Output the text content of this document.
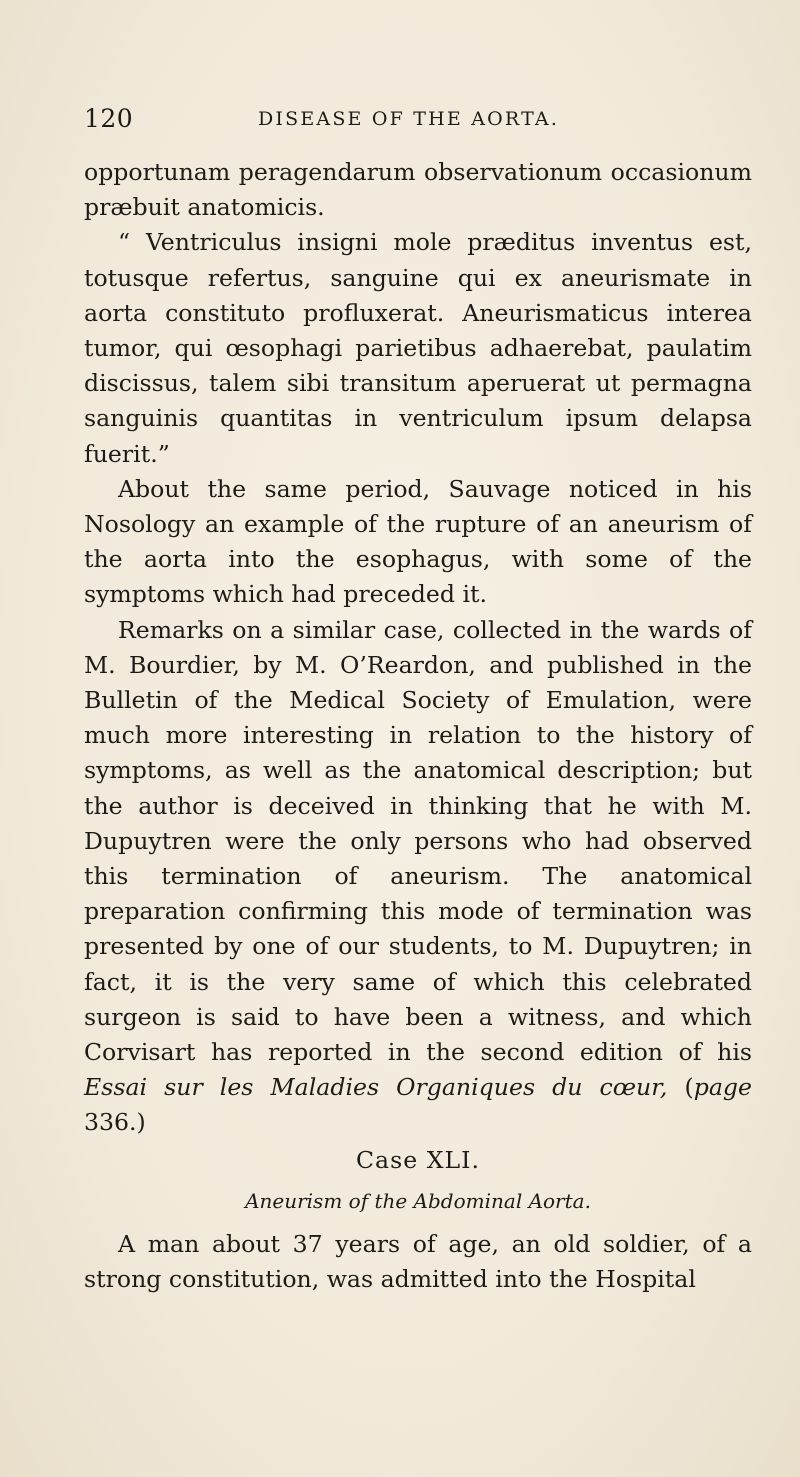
120	DISEASE OF THE AORTA.

opportunam peragendarum observationum occasionum præbuit anatomicis.

“ Ventriculus insigni mole præditus inventus est, totusque refertus, sanguine qui ex aneurismate in aorta constituto profluxerat. Aneurismaticus interea tumor, qui œsophagi parietibus adhaerebat, paulatim discissus, talem sibi transitum aperuerat ut permagna sanguinis quantitas in ventriculum ipsum delapsa fuerit.”

About the same period, Sauvage noticed in his Nosology an example of the rupture of an aneurism of the aorta into the esophagus, with some of the symptoms which had preceded it.

Remarks on a similar case, collected in the wards of M. Bourdier, by M. O’Reardon, and published in the Bulletin of the Medical Society of Emulation, were much more interesting in relation to the history of symptoms, as well as the anatomical description; but the author is deceived in thinking that he with M. Dupuytren were the only persons who had observed this termination of aneurism. The anatomical preparation confirming this mode of termination was presented by one of our students, to M. Dupuytren; in fact, it is the very same of which this celebrated surgeon is said to have been a witness, and which Corvisart has reported in the second edition of his Essai sur les Maladies Organiques du cœur, (page 336.)

Case XLI.
Aneurism of the Abdominal Aorta.

A man about 37 years of age, an old soldier, of a strong constitution, was admitted into the Hospital
